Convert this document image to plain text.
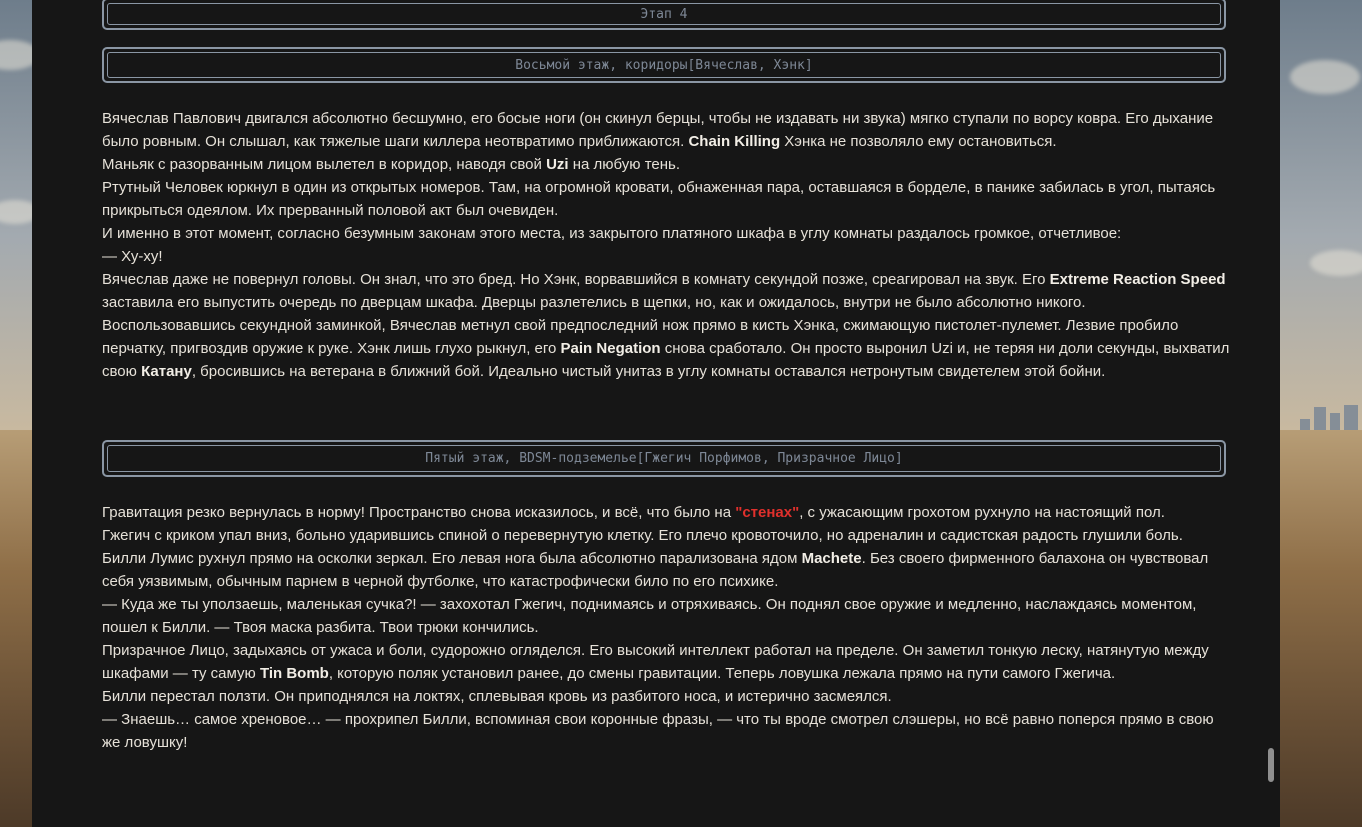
Этап 4
Восьмой этаж, коридоры[Вячеслав, Хэнк]

Вячеслав Павлович двигался абсолютно бесшумно, его босые ноги (он скинул берцы, чтобы не издавать ни звука) мягко ступали по ворсу ковра. Его дыхание было ровным. Он слышал, как тяжелые шаги киллера неотвратимо приближаются. Chain Killing Хэнка не позволяло ему остановиться.

Маньяк с разорванным лицом вылетел в коридор, наводя свой Uzi на любую тень.

Ртутный Человек юркнул в один из открытых номеров. Там, на огромной кровати, обнаженная пара, оставшаяся в борделе, в панике забилась в угол, пытаясь прикрыться одеялом. Их прерванный половой акт был очевиден.

И именно в этот момент, согласно безумным законам этого места, из закрытого платяного шкафа в углу комнаты раздалось громкое, отчетливое:

— Ху-ху!

Вячеслав даже не повернул головы. Он знал, что это бред. Но Хэнк, ворвавшийся в комнату секундой позже, среагировал на звук. Его Extreme Reaction Speed заставила его выпустить очередь по дверцам шкафа. Дверцы разлетелись в щепки, но, как и ожидалось, внутри не было абсолютно никого.

Воспользовавшись секундной заминкой, Вячеслав метнул свой предпоследний нож прямо в кисть Хэнка, сжимающую пистолет-пулемет. Лезвие пробило перчатку, пригвоздив оружие к руке. Хэнк лишь глухо рыкнул, его Pain Negation снова сработало. Он просто выронил Uzi и, не теряя ни доли секунды, выхватил свою Катану, бросившись на ветерана в ближний бой. Идеально чистый унитаз в углу комнаты оставался нетронутым свидетелем этой бойни.

Пятый этаж, BDSM-подземелье[Гжегич Порфимов, Призрачное Лицо]

Гравитация резко вернулась в норму! Пространство снова исказилось, и всё, что было на "стенах", с ужасающим грохотом рухнуло на настоящий пол.

Гжегич с криком упал вниз, больно ударившись спиной о перевернутую клетку. Его плечо кровоточило, но адреналин и садистская радость глушили боль.

Билли Лумис рухнул прямо на осколки зеркал. Его левая нога была абсолютно парализована ядом Machete. Без своего фирменного балахона он чувствовал себя уязвимым, обычным парнем в черной футболке, что катастрофически било по его психике.

— Куда же ты уползаешь, маленькая сучка?! — захохотал Гжегич, поднимаясь и отряхиваясь. Он поднял свое оружие и медленно, наслаждаясь моментом, пошел к Билли. — Твоя маска разбита. Твои трюки кончились.

Призрачное Лицо, задыхаясь от ужаса и боли, судорожно огляделся. Его высокий интеллект работал на пределе. Он заметил тонкую леску, натянутую между шкафами — ту самую Tin Bomb, которую поляк установил ранее, до смены гравитации. Теперь ловушка лежала прямо на пути самого Гжегича.

Билли перестал ползти. Он приподнялся на локтях, сплевывая кровь из разбитого носа, и истерично засмеялся.

— Знаешь… самое хреновое… — прохрипел Билли, вспоминая свои коронные фразы, — что ты вроде смотрел слэшеры, но всё равно поперся прямо в свою же ловушку!
